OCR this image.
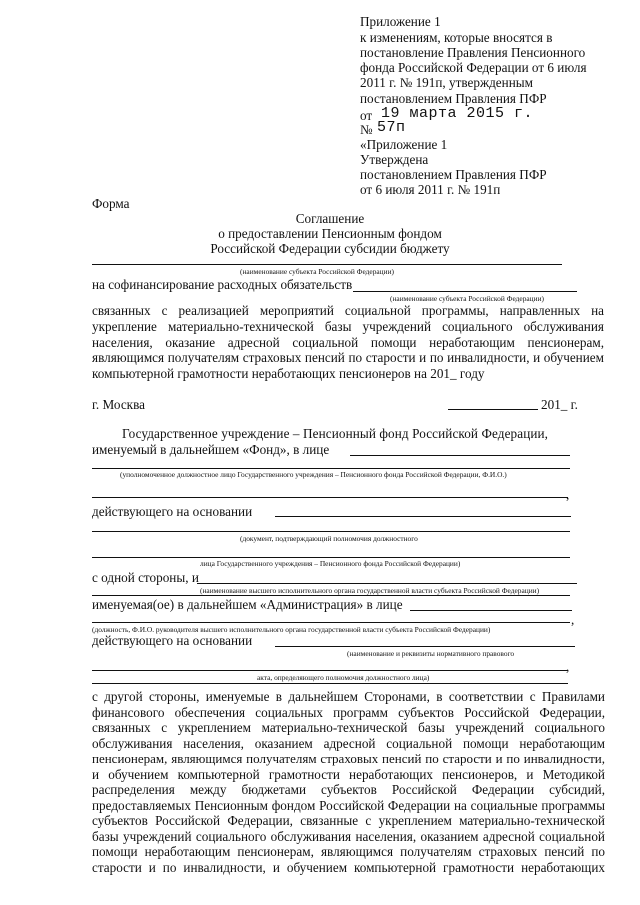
Приложение 1
к изменениям, которые вносятся в
постановление Правления Пенсионного
фонда Российской Федерации от 6 июля
2011 г. № 191п, утвержденным
постановлением Правления ПФР
от 19 марта 2015 г.
№ 57п
«Приложение 1
Утверждена
постановлением Правления ПФР
от 6 июля 2011 г. № 191п
Форма
Соглашение
о предоставлении Пенсионным фондом
Российской Федерации субсидии бюджету
(наименование субъекта Российской Федерации)
на софинансирование расходных обязательств
(наименование субъекта Российской Федерации)
связанных с реализацией мероприятий социальной программы, направленных на
укрепление материально-технической базы учреждений социального обслуживания
населения, оказание адресной социальной помощи неработающим пенсионерам,
являющимся получателям страховых пенсий по старости и по инвалидности, и обучением
компьютерной грамотности неработающих пенсионеров на 201_ году
г. Москва	201_ г.
Государственное учреждение – Пенсионный фонд Российской Федерации,
именуемый в дальнейшем «Фонд», в лице
(уполномоченное должностное лицо Государственного учреждения – Пенсионного фонда Российской Федерации, Ф.И.О.)
,
действующего на основании
(документ, подтверждающий полномочия должностного
лица Государственного учреждения – Пенсионного фонда Российской Федерации)
с одной стороны, и
(наименование высшего исполнительного органа государственной власти субъекта Российской Федерации)
именуемая(ое) в дальнейшем «Администрация» в лице
,
(должность, Ф.И.О. руководителя высшего исполнительного органа государственной власти субъекта Российской Федерации)
действующего на основании
(наименование и реквизиты нормативного правового
,
акта, определяющего полномочия должностного лица)
с другой стороны, именуемые в дальнейшем Сторонами, в соответствии с Правилами
финансового обеспечения социальных программ субъектов Российской Федерации,
связанных с укреплением материально-технической базы учреждений социального
обслуживания населения, оказанием адресной социальной помощи неработающим
пенсионерам, являющимся получателям страховых пенсий по старости и по инвалидности,
и обучением компьютерной грамотности неработающих пенсионеров, и Методикой
распределения между бюджетами субъектов Российской Федерации субсидий,
предоставляемых Пенсионным фондом Российской Федерации на социальные программы
субъектов Российской Федерации, связанные с укреплением материально-технической
базы учреждений социального обслуживания населения, оказанием адресной социальной
помощи неработающим пенсионерам, являющимся получателям страховых пенсий по
старости и по инвалидности, и обучением компьютерной грамотности неработающих
